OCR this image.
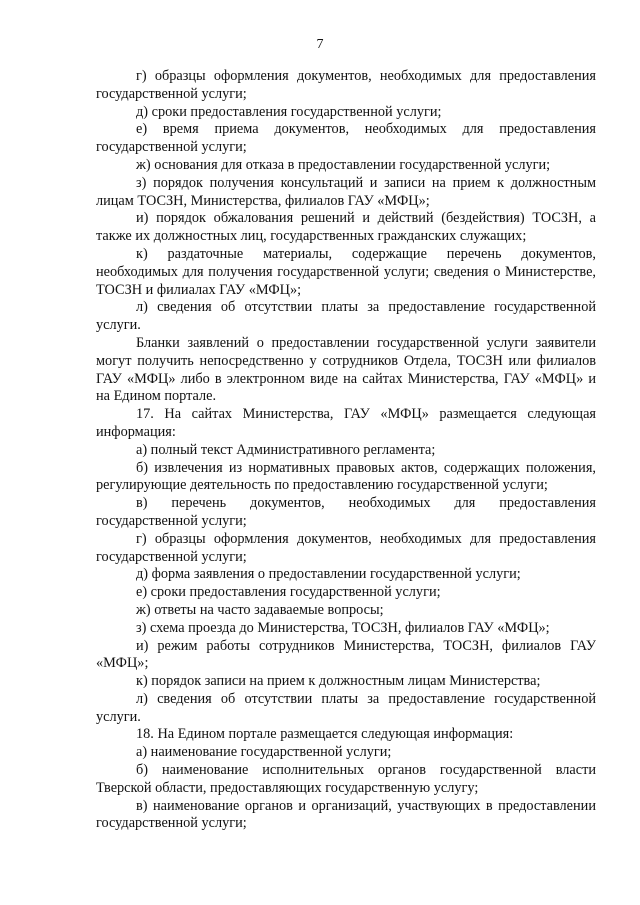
7

г) образцы оформления документов, необходимых для предоставления государственной услуги;

д) сроки предоставления государственной услуги;

е) время приема документов, необходимых для предоставления государственной услуги;

ж) основания для отказа в предоставлении государственной услуги;

з) порядок получения консультаций и записи на прием к должностным лицам ТОСЗН, Министерства, филиалов ГАУ «МФЦ»;

и) порядок обжалования решений и действий (бездействия) ТОСЗН, а также их должностных лиц, государственных гражданских служащих;

к) раздаточные материалы, содержащие перечень документов, необходимых для получения государственной услуги; сведения о Министерстве, ТОСЗН и филиалах ГАУ «МФЦ»;

л) сведения об отсутствии платы за предоставление государственной услуги.

Бланки заявлений о предоставлении государственной услуги заявители могут получить непосредственно у сотрудников Отдела, ТОСЗН или филиалов ГАУ «МФЦ» либо в электронном виде на сайтах Министерства, ГАУ «МФЦ» и на Едином портале.

17. На сайтах Министерства, ГАУ «МФЦ» размещается следующая информация:

а) полный текст Административного регламента;

б) извлечения из нормативных правовых актов, содержащих положения, регулирующие деятельность по предоставлению государственной услуги;

в) перечень документов, необходимых для предоставления государственной услуги;

г) образцы оформления документов, необходимых для предоставления государственной услуги;

д) форма заявления о предоставлении государственной услуги;

е) сроки предоставления государственной услуги;

ж) ответы на часто задаваемые вопросы;

з) схема проезда до Министерства, ТОСЗН, филиалов ГАУ «МФЦ»;

и) режим работы сотрудников Министерства, ТОСЗН, филиалов ГАУ «МФЦ»;

к) порядок записи на прием к должностным лицам Министерства;

л) сведения об отсутствии платы за предоставление государственной услуги.

18. На Едином портале размещается следующая информация:

а) наименование государственной услуги;

б) наименование исполнительных органов государственной власти Тверской области, предоставляющих государственную услугу;

в) наименование органов и организаций, участвующих в предоставлении государственной услуги;
